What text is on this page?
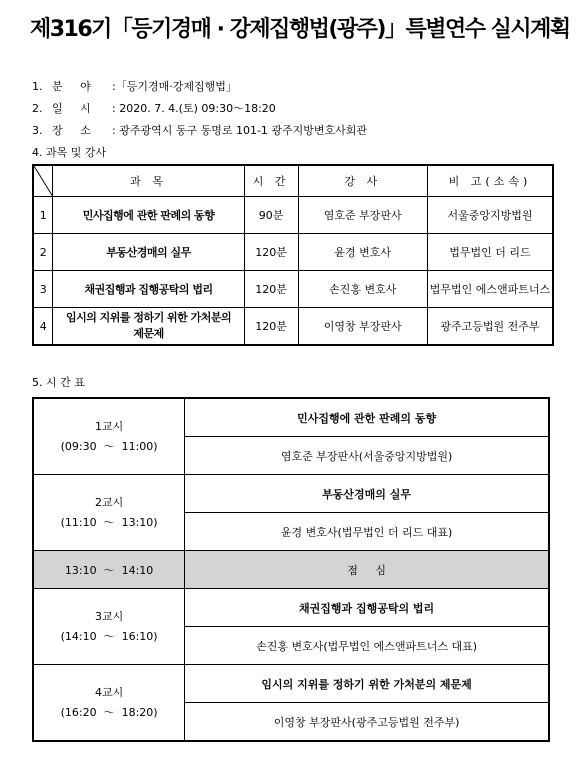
제316기「등기경매 · 강제집행법(광주)」특별연수 실시계획
1. 분     야 :「등기경매·강제집행법」
2. 일     시 : 2020. 7. 4.(토) 09:30～18:20
3. 장     소 : 광주광역시 동구 동명로 101-1 광주지방변호사회관
4. 과목 및 강사
	과 목	시 간	강 사	비 고(소속)
1	민사집행에 관한 판례의 동향	90분	염호준 부장판사	서울중앙지방법원
2	부동산경매의 실무	120분	윤경 변호사	법무법인 더 리드
3	채권집행과 집행공탁의 법리	120분	손진홍 변호사	법무법인 에스앤파트너스
4	임시의 지위를 정하기 위한 가처분의 제문제	120분	이영창 부장판사	광주고등법원 전주부
5. 시 간 표
1교시
(09:30  ～  11:00)	민사집행에 관한 판례의 동향
	염호준 부장판사(서울중앙지방법원)

2교시
(11:10  ～  13:10)	부동산경매의 실무
	윤경 변호사(법무법인 더 리드 대표)
13:10  ～  14:10	점     심

3교시
(14:10  ～  16:10)	채권집행과 집행공탁의 법리
	손진홍 변호사(법무법인 에스앤파트너스 대표)

4교시
(16:20  ～  18:20)	임시의 지위를 정하기 위한 가처분의 제문제
	이영창 부장판사(광주고등법원 전주부)
